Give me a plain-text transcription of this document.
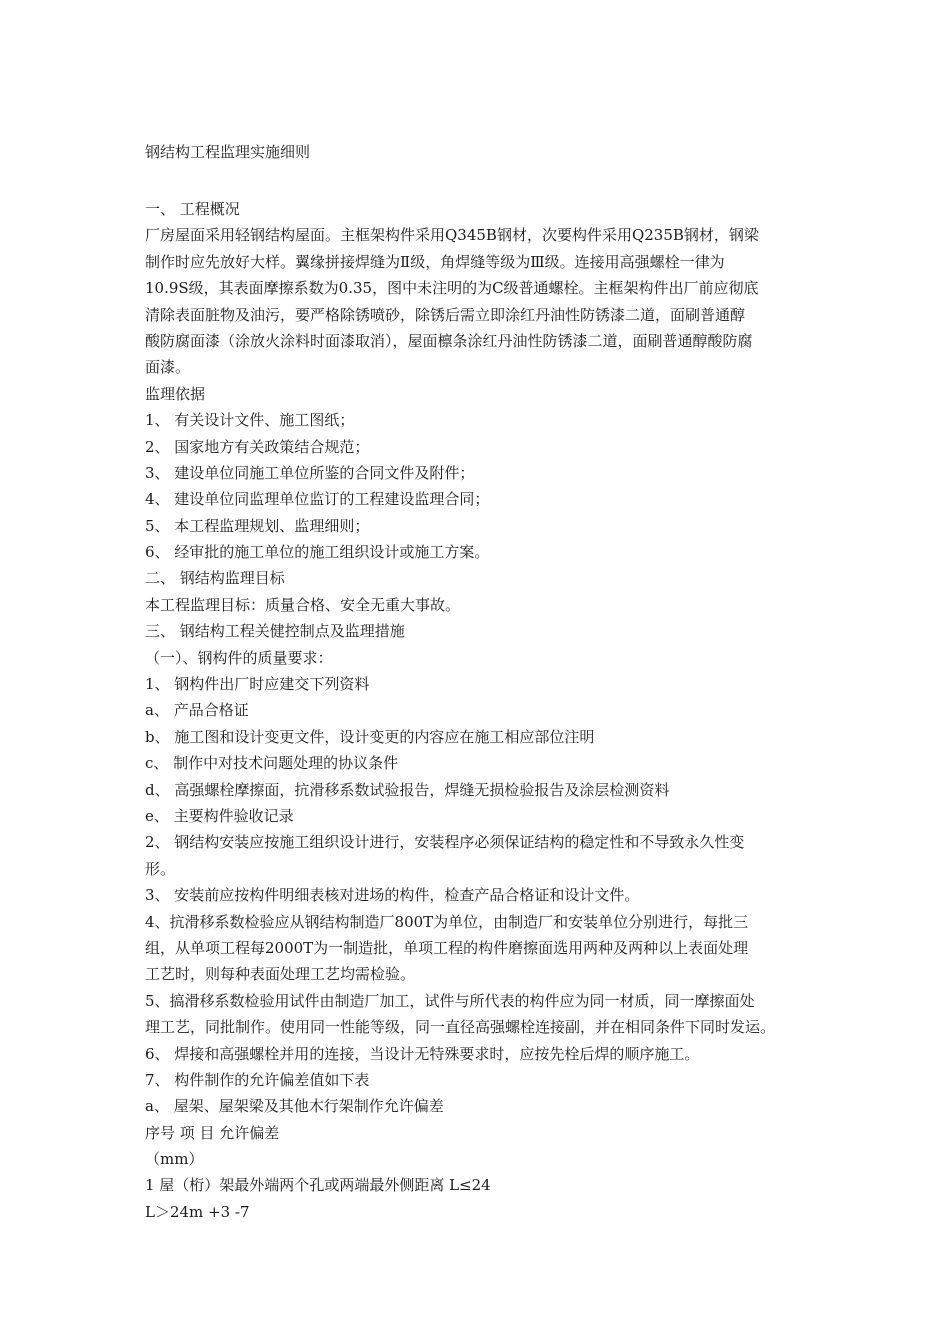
钢结构工程监理实施细则
一、 工程概况
厂房屋面采用轻钢结构屋面。主框架构件采用Q345B钢材，次要构件采用Q235B钢材，钢梁
制作时应先放好大样。翼缘拼接焊缝为Ⅱ级，角焊缝等级为Ⅲ级。连接用高强螺栓一律为
10.9S级，其表面摩擦系数为0.35，图中未注明的为C级普通螺栓。主框架构件出厂前应彻底
清除表面脏物及油污，要严格除锈喷砂，除锈后需立即涂红丹油性防锈漆二道，面刷普通醇
酸防腐面漆（涂放火涂料时面漆取消），屋面檩条涂红丹油性防锈漆二道，面刷普通醇酸防腐
面漆。
监理依据
1、 有关设计文件、施工图纸；
2、 国家地方有关政策结合规范；
3、 建设单位同施工单位所鉴的合同文件及附件；
4、 建设单位同监理单位监订的工程建设监理合同；
5、 本工程监理规划、监理细则；
6、 经审批的施工单位的施工组织设计或施工方案。
二、 钢结构监理目标
本工程监理目标：质量合格、安全无重大事故。
三、 钢结构工程关健控制点及监理措施
（一）、钢构件的质量要求：
1、 钢构件出厂时应建交下列资料
a、 产品合格证
b、 施工图和设计变更文件，设计变更的内容应在施工相应部位注明
c、 制作中对技术问题处理的协议条件
d、 高强螺栓摩擦面，抗滑移系数试验报告，焊缝无损检验报告及涂层检测资料
e、 主要构件验收记录
2、 钢结构安装应按施工组织设计进行，安装程序必须保证结构的稳定性和不导致永久性变
形。
3、 安装前应按构件明细表核对进场的构件，检查产品合格证和设计文件。
4、抗滑移系数检验应从钢结构制造厂800T为单位，由制造厂和安装单位分别进行，每批三
组，从单项工程每2000T为一制造批，单项工程的构件磨擦面选用两种及两种以上表面处理
工艺时，则每种表面处理工艺均需检验。
5、搞滑移系数检验用试件由制造厂加工，试件与所代表的构件应为同一材质，同一摩擦面处
理工艺，同批制作。使用同一性能等级，同一直径高强螺栓连接副，并在相同条件下同时发运。
6、 焊接和高强螺栓并用的连接，当设计无特殊要求时，应按先栓后焊的顺序施工。
7、 构件制作的允许偏差值如下表
a、 屋架、屋架梁及其他木行架制作允许偏差
序号 项 目 允许偏差
（mm）
1 屋（桁）架最外端两个孔或两端最外侧距离 L≤24
L＞24m +3 -7
